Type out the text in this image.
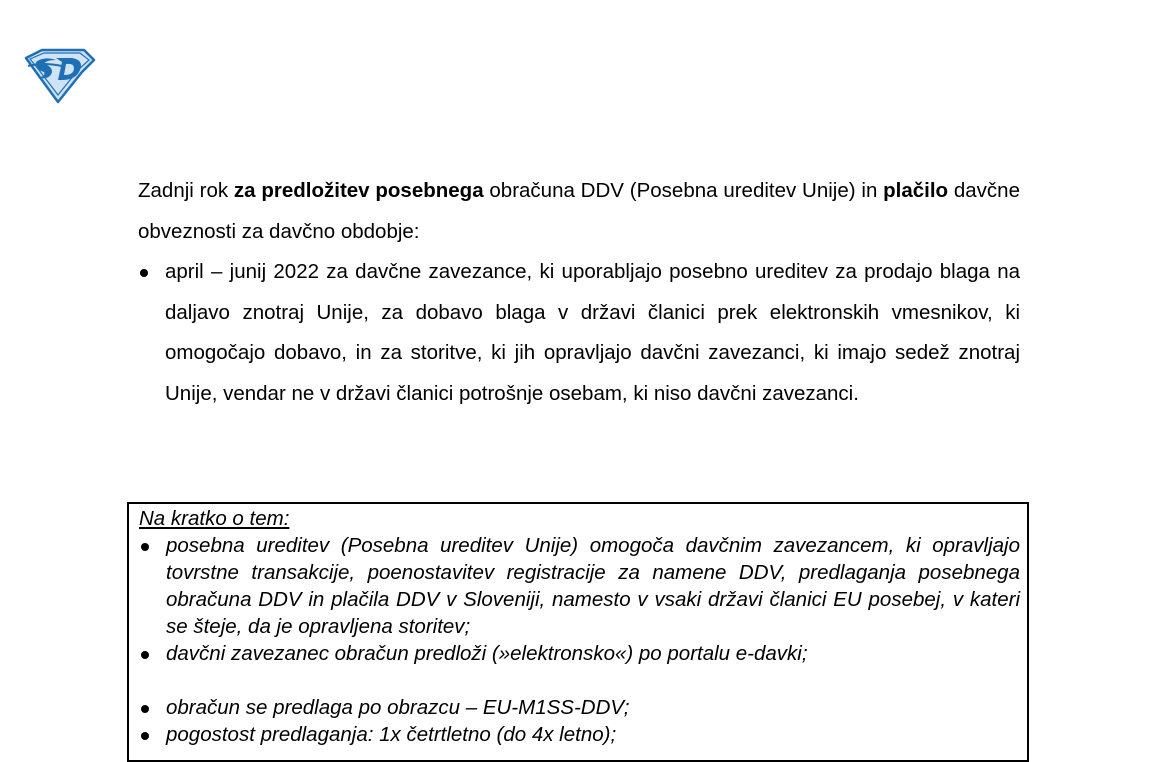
Zadnji rok za predložitev posebnega obračuna DDV (Posebna ureditev Unije) in plačilo davčne obveznosti za davčno obdobje:

april – junij 2022 za davčne zavezance, ki uporabljajo posebno ureditev za prodajo blaga na daljavo znotraj Unije, za dobavo blaga v državi članici prek elektronskih vmesnikov, ki omogočajo dobavo, in za storitve, ki jih opravljajo davčni zavezanci, ki imajo sedež znotraj Unije, vendar ne v državi članici potrošnje osebam, ki niso davčni zavezanci.

Na kratko o tem:

posebna ureditev (Posebna ureditev Unije) omogoča davčnim zavezancem, ki opravljajo tovrstne transakcije, poenostavitev registracije za namene DDV, predlaganja posebnega obračuna DDV in plačila DDV v Sloveniji, namesto v vsaki državi članici EU posebej, v kateri se šteje, da je opravljena storitev;
davčni zavezanec obračun predloži (»elektronsko«) po portalu e-davki;
obračun se predlaga po obrazcu – EU-M1SS-DDV;
pogostost predlaganja: 1x četrtletno (do 4x letno);
